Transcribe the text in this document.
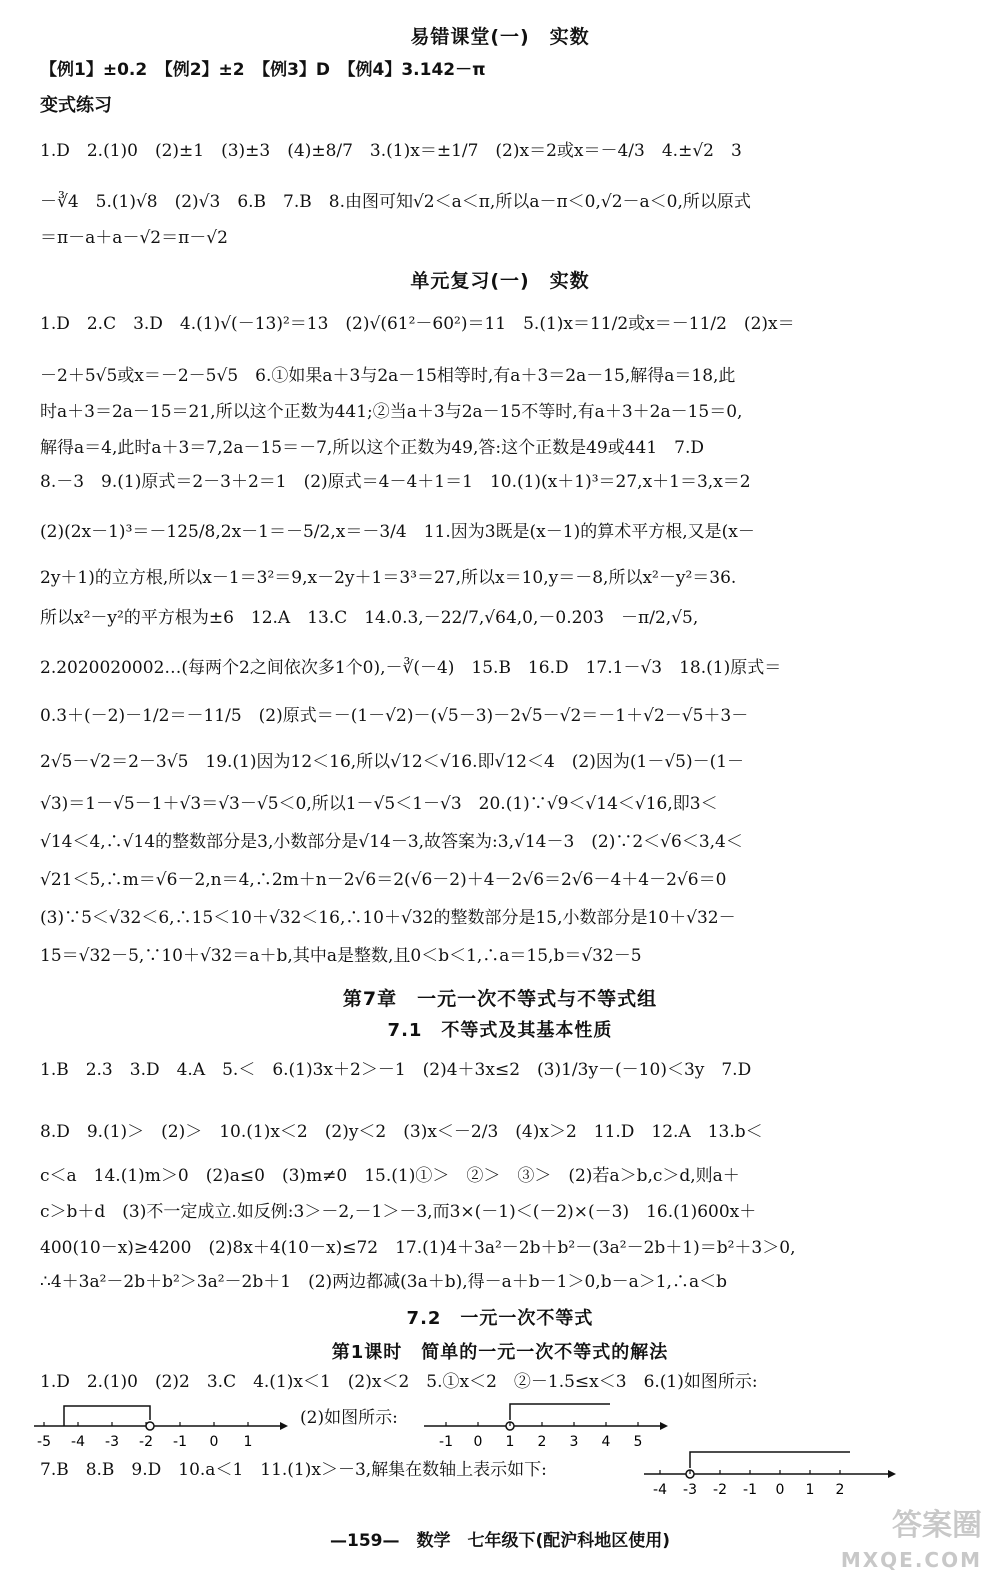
易错课堂(一)　实数
【例1】±0.2　【例2】±2　【例3】D　【例4】3.142－π
变式练习
1.D　2.(1)0　(2)±1　(3)±3　(4)±8/7　3.(1)x＝±1/7　(2)x＝2或x＝－4/3　4.±√2　3
－∛4　5.(1)√8　(2)√3　6.B　7.B　8.由图可知√2＜a＜π,所以a－π＜0,√2－a＜0,所以原式
＝π－a＋a－√2＝π－√2
单元复习(一)　实数
1.D　2.C　3.D　4.(1)√(－13)²＝13　(2)√(61²－60²)＝11　5.(1)x＝11/2或x＝－11/2　(2)x＝
－2＋5√5或x＝－2－5√5　6.①如果a＋3与2a－15相等时,有a＋3＝2a－15,解得a＝18,此
时a＋3＝2a－15＝21,所以这个正数为441;②当a＋3与2a－15不等时,有a＋3＋2a－15＝0,
解得a＝4,此时a＋3＝7,2a－15＝－7,所以这个正数为49,答:这个正数是49或441　7.D
8.－3　9.(1)原式＝2－3＋2＝1　(2)原式＝4－4＋1＝1　10.(1)(x＋1)³＝27,x＋1＝3,x＝2
(2)(2x－1)³＝－125/8,2x－1＝－5/2,x＝－3/4　11.因为3既是(x－1)的算术平方根,又是(x－
2y＋1)的立方根,所以x－1＝3²＝9,x－2y＋1＝3³＝27,所以x＝10,y＝－8,所以x²－y²＝36.
所以x²－y²的平方根为±6　12.A　13.C　14.0.3,－22/7,√64,0,－0.2̇03̇　－π/2,√5,
2.2020020002…(每两个2之间依次多1个0),－∛(－4)　15.B　16.D　17.1－√3　18.(1)原式＝
0.3＋(－2)－1/2＝－11/5　(2)原式＝－(1－√2)－(√5－3)－2√5－√2＝－1＋√2－√5＋3－
2√5－√2＝2－3√5　19.(1)因为12＜16,所以√12＜√16.即√12＜4　(2)因为(1－√5)－(1－
√3)＝1－√5－1＋√3＝√3－√5＜0,所以1－√5＜1－√3　20.(1)∵√9＜√14＜√16,即3＜
√14＜4,∴√14的整数部分是3,小数部分是√14－3,故答案为:3,√14－3　(2)∵2＜√6＜3,4＜
√21＜5,∴m＝√6－2,n＝4,∴2m＋n－2√6＝2(√6－2)＋4－2√6＝2√6－4＋4－2√6＝0
(3)∵5＜√32＜6,∴15＜10＋√32＜16,∴10＋√32的整数部分是15,小数部分是10＋√32－
15＝√32－5,∵10＋√32＝a＋b,其中a是整数,且0＜b＜1,∴a＝15,b＝√32－5
第7章　一元一次不等式与不等式组
7.1　不等式及其基本性质
1.B　2.3　3.D　4.A　5.＜　6.(1)3x＋2＞－1　(2)4＋3x≤2　(3)1/3y－(－10)＜3y　7.D
8.D　9.(1)＞　(2)＞　10.(1)x＜2　(2)y＜2　(3)x＜－2/3　(4)x＞2　11.D　12.A　13.b＜
c＜a　14.(1)m＞0　(2)a≤0　(3)m≠0　15.(1)①＞　②＞　③＞　(2)若a＞b,c＞d,则a＋
c＞b＋d　(3)不一定成立.如反例:3＞－2,－1＞－3,而3×(－1)＜(－2)×(－3)　16.(1)600x＋
400(10－x)≥4200　(2)8x＋4(10－x)≤72　17.(1)4＋3a²－2b＋b²－(3a²－2b＋1)＝b²＋3＞0,
∴4＋3a²－2b＋b²＞3a²－2b＋1　(2)两边都减(3a＋b),得－a＋b－1＞0,b－a＞1,∴a＜b
7.2　一元一次不等式
第1课时　简单的一元一次不等式的解法
1.D　2.(1)0　(2)2　3.C　4.(1)x＜1　(2)x＜2　5.①x＜2　②－1.5≤x＜3　6.(1)如图所示:
-5 -4 -3 -2 -1 0 1
(2)如图所示:
-1 0 1 2 3 4 5
7.B　8.B　9.D　10.a＜1　11.(1)x＞－3,解集在数轴上表示如下:
-4 -3 -2 -1 0 1 2
—159—　数学　七年级下(配沪科地区使用)	答案圈
MXQE.COM
